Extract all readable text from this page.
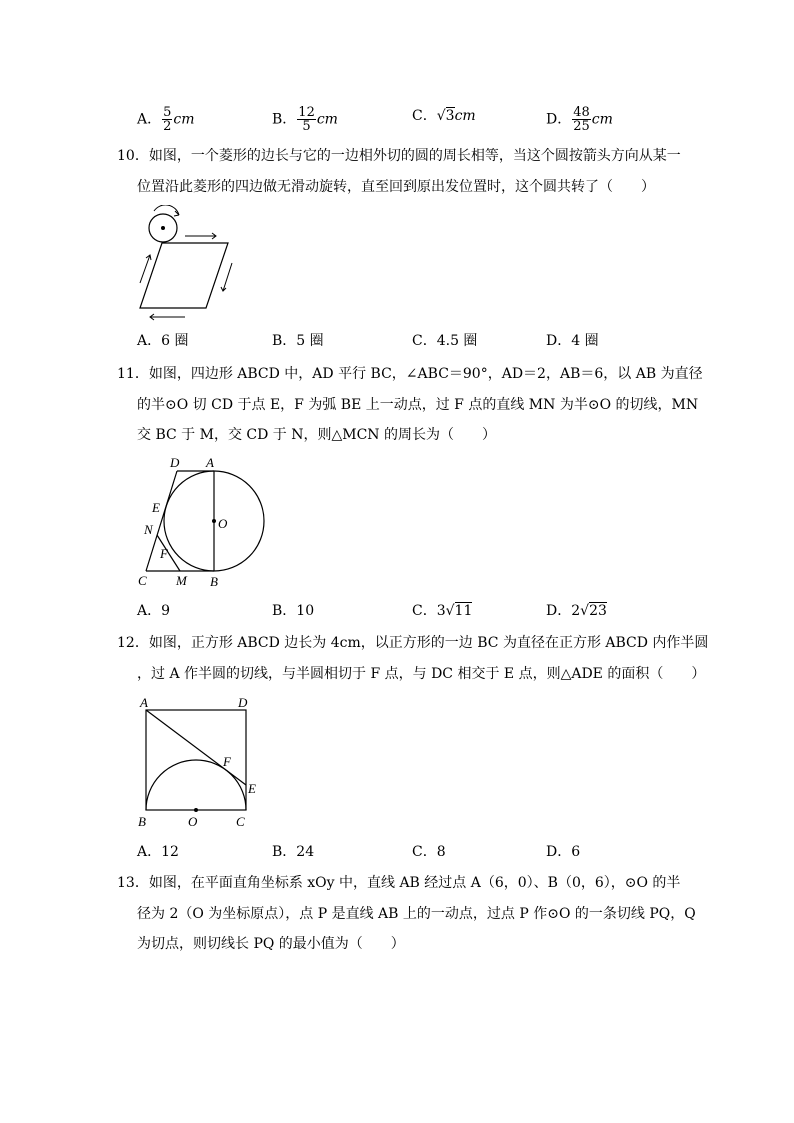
A． $\frac{5}{2}$ cm	B． $\frac{12}{5}$ cm	C．√3cm	D． $\frac{48}{25}$ cm
10．如图，一个菱形的边长与它的一边相外切的圆的周长相等，当这个圆按箭头方向从某一
位置沿此菱形的四边做无滑动旋转，直至回到原出发位置时，这个圆共转了（　　）
A．6 圈	B．5 圈	C．4.5 圈	D．4 圈
11．如图，四边形 ABCD 中，AD 平行 BC，∠ABC＝90°，AD＝2，AB＝6，以 AB 为直径
的半⊙O 切 CD 于点 E，F 为弧 BE 上一动点，过 F 点的直线 MN 为半⊙O 的切线，MN
交 BC 于 M，交 CD 于 N，则△MCN 的周长为（　　）
D A
E
N	O
F
C M B
A．9	B．10	C．3√11	D．2√23
12．如图，正方形 ABCD 边长为 4cm，以正方形的一边 BC 为直径在正方形 ABCD 内作半圆
，过 A 作半圆的切线，与半圆相切于 F 点，与 DC 相交于 E 点，则△ADE 的面积（　　）
A	D
F
E
B	O	C
A．12	B．24	C．8	D．6
13．如图，在平面直角坐标系 xOy 中，直线 AB 经过点 A（6，0）、B（0，6），⊙O 的半
径为 2（O 为坐标原点），点 P 是直线 AB 上的一动点，过点 P 作⊙O 的一条切线 PQ，Q
为切点，则切线长 PQ 的最小值为（　　）
